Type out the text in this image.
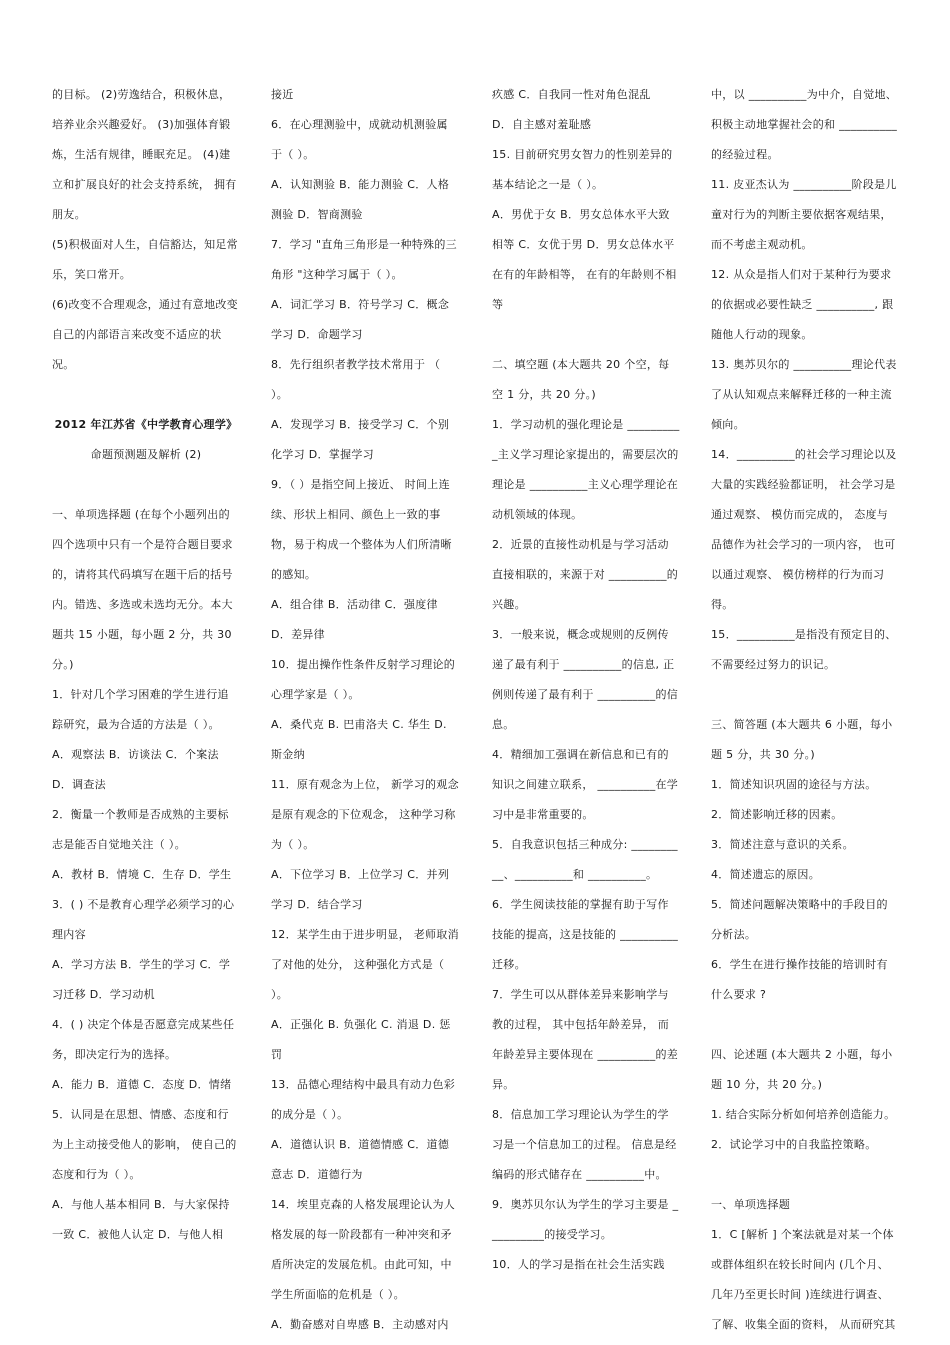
的目标。 (2)劳逸结合，积极休息，培养业余兴趣爱好。 (3)加强体育锻炼，生活有规律，睡眠充足。 (4)建立和扩展良好的社会支持系统， 拥有朋友。
(5)积极面对人生，自信豁达，知足常乐，笑口常开。
(6)改变不合理观念，通过有意地改变自己的内部语言来改变不适应的状况。
2012 年江苏省《中学教育心理学》
命题预测题及解析 (2)
一、单项选择题 (在每个小题列出的四个选项中只有一个是符合题目要求的，请将其代码填写在题干后的括号内。错选、多选或未选均无分。本大题共 15 小题，每小题 2 分，共 30 分。)
1．针对几个学习困难的学生进行追踪研究，最为合适的方法是（ ）。
A．观察法 B．访谈法 C．个案法 D．调查法
2．衡量一个教师是否成熟的主要标志是能否自觉地关注（ ）。
A．教材 B．情境 C．生存 D．学生
3．( ) 不是教育心理学必须学习的心理内容
A．学习方法 B．学生的学习 C．学习迁移 D．学习动机
4．( ) 决定个体是否愿意完成某些任务，即决定行为的选择。
A．能力 B．道德 C．态度 D．情绪
5．认同是在思想、情感、态度和行为上主动接受他人的影响， 使自己的态度和行为（ ）。
A．与他人基本相同 B．与大家保持一致 C．被他人认定 D．与他人相
接近
6．在心理测验中，成就动机测验属于（ ）。
A．认知测验 B．能力测验 C．人格测验 D．智商测验
7．学习 "直角三角形是一种特殊的三角形 "这种学习属于（ ）。
A．词汇学习 B．符号学习 C．概念学习 D．命题学习
8．先行组织者教学技术常用于 （ ）。
A．发现学习 B．接受学习 C．个别化学习 D．掌握学习
9．（ ）是指空间上接近、 时间上连续、形状上相同、颜色上一致的事物，易于构成一个整体为人们所清晰的感知。
A．组合律 B．活动律 C．强度律 D．差异律
10．提出操作性条件反射学习理论的心理学家是（ ）。
A．桑代克 B. 巴甫洛夫 C. 华生 D. 斯金纳
11．原有观念为上位， 新学习的观念是原有观念的下位观念， 这种学习称为（ ）。
A．下位学习 B．上位学习 C．并列学习 D．结合学习
12．某学生由于进步明显， 老师取消了对他的处分， 这种强化方式是（ ）。
A．正强化 B. 负强化 C. 消退 D. 惩罚
13．品德心理结构中最具有动力色彩的成分是（ ）。
A．道德认识 B．道德情感 C．道德意志 D．道德行为
14．埃里克森的人格发展理论认为人格发展的每一阶段都有一种冲突和矛盾所决定的发展危机。由此可知，中学生所面临的危机是（ ）。
A．勤奋感对自卑感 B．主动感对内
疚感 C．自我同一性对角色混乱
D．自主感对羞耻感
15. 目前研究男女智力的性别差异的基本结论之一是（ ）。
A．男优于女 B．男女总体水平大致相等 C．女优于男 D．男女总体水平在有的年龄相等， 在有的年龄则不相等
二、填空题 (本大题共 20 个空，每空 1 分，共 20 分。)
1．学习动机的强化理论是 __________主义学习理论家提出的，需要层次的理论是 __________主义心理学理论在动机领域的体现。
2．近景的直接性动机是与学习活动直接相联的，来源于对 __________的兴趣。
3．一般来说，概念或规则的反例传递了最有利于 __________的信息, 正例则传递了最有利于 __________的信息。
4．精细加工强调在新信息和已有的知识之间建立联系， __________在学习中是非常重要的。
5．自我意识包括三种成分: __________、__________和 __________。
6．学生阅读技能的掌握有助于写作技能的提高，这是技能的 __________迁移。
7．学生可以从群体差异来影响学与教的过程， 其中包括年龄差异， 而年龄差异主要体现在 __________的差异。
8．信息加工学习理论认为学生的学习是一个信息加工的过程。 信息是经编码的形式储存在 __________中。
9．奥苏贝尔认为学生的学习主要是 __________的接受学习。
10．人的学习是指在社会生活实践
中，以 __________为中介，自觉地、积极主动地掌握社会的和 __________的经验过程。
11. 皮亚杰认为 __________阶段是儿童对行为的判断主要依据客观结果，而不考虑主观动机。
12. 从众是指人们对于某种行为要求的依据或必要性缺乏 __________, 跟随他人行动的现象。
13. 奥苏贝尔的 __________理论代表了从认知观点来解释迁移的一种主流倾向。
14．__________的社会学习理论以及大量的实践经验都证明， 社会学习是通过观察、 模仿而完成的， 态度与品德作为社会学习的一项内容， 也可以通过观察、 模仿榜样的行为而习得。
15．__________是指没有预定目的、不需要经过努力的识记。
三、简答题 (本大题共 6 小题，每小题 5 分，共 30 分。)
1．简述知识巩固的途径与方法。
2．简述影响迁移的因素。
3．简述注意与意识的关系。
4．简述遗忘的原因。
5．简述问题解决策略中的手段目的分析法。
6．学生在进行操作技能的培训时有什么要求 ?
四、论述题 (本大题共 2 小题，每小题 10 分，共 20 分。)
1. 结合实际分析如何培养创造能力。
2．试论学习中的自我监控策略。
一、单项选择题
1．C [解析 ] 个案法就是对某一个体或群体组织在较长时间内 (几个月、几年乃至更长时间 )连续进行调查、了解、收集全面的资料， 从而研究其
